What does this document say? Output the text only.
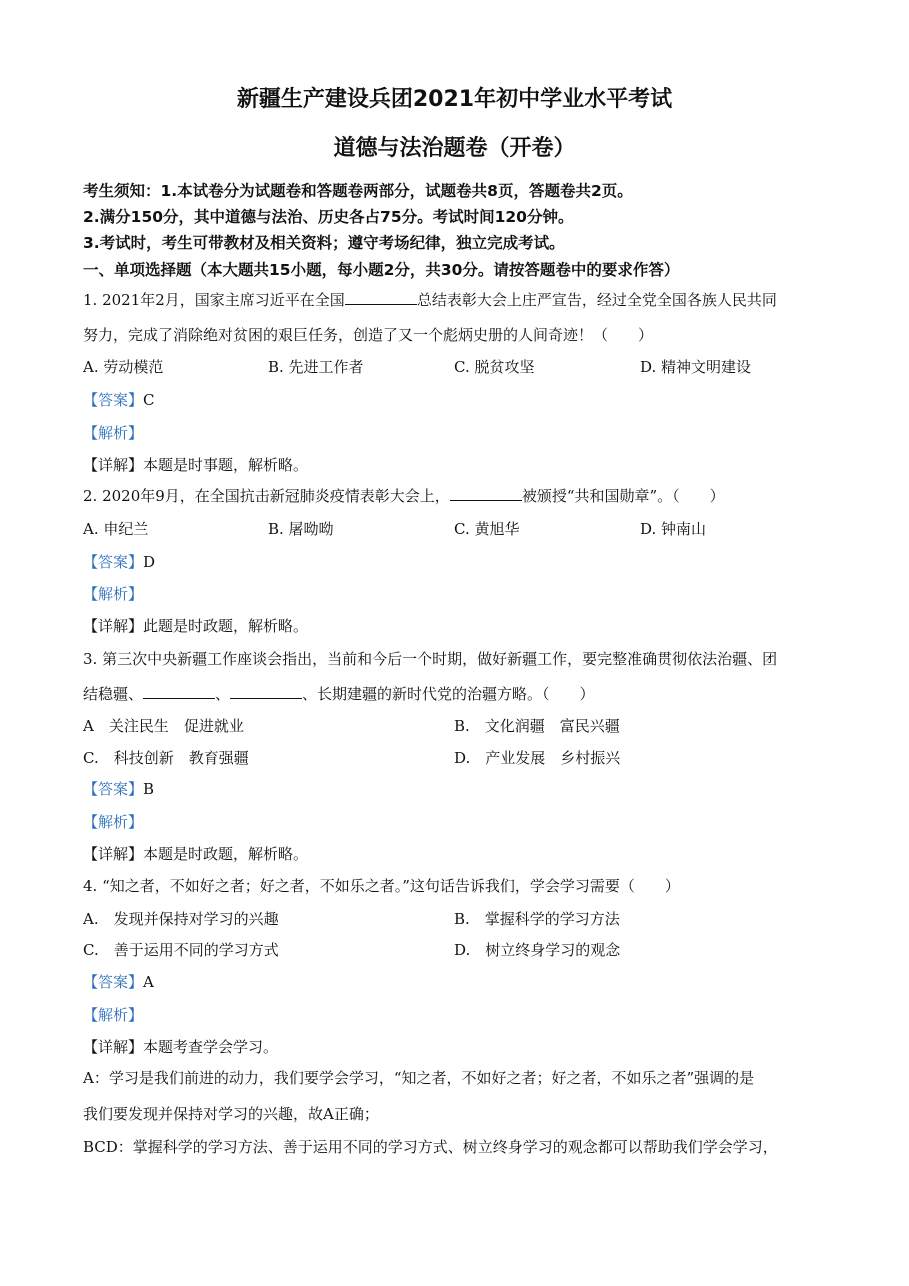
新疆生产建设兵团2021年初中学业水平考试
道德与法治题卷（开卷）
考生须知：1.本试卷分为试题卷和答题卷两部分，试题卷共8页，答题卷共2页。
2.满分150分，其中道德与法治、历史各占75分。考试时间120分钟。
3.考试时，考生可带教材及相关资料；遵守考场纪律，独立完成考试。
一、单项选择题（本大题共15小题，每小题2分，共30分。请按答题卷中的要求作答）
1. 2021年2月，国家主席习近平在全国	总结表彰大会上庄严宣告，经过全党全国各族人民共同
努力，完成了消除绝对贫困的艰巨任务，创造了又一个彪炳史册的人间奇迹！（　　）
A. 劳动模范	B. 先进工作者	C. 脱贫攻坚	D. 精神文明建设
【答案】C
【解析】
【详解】本题是时事题，解析略。
2. 2020年9月，在全国抗击新冠肺炎疫情表彰大会上，	被颁授“共和国勋章”。（　　）
A. 申纪兰	B. 屠呦呦	C. 黄旭华	D. 钟南山
【答案】D
【解析】
【详解】此题是时政题，解析略。
3. 第三次中央新疆工作座谈会指出，当前和今后一个时期，做好新疆工作，要完整准确贯彻依法治疆、团
结稳疆、	、	、长期建疆的新时代党的治疆方略。（　　）
A　关注民生　促进就业	B.　文化润疆　富民兴疆
C.　科技创新　教育强疆	D.　产业发展　乡村振兴
【答案】B
【解析】
【详解】本题是时政题，解析略。
4. “知之者，不如好之者；好之者，不如乐之者。”这句话告诉我们，学会学习需要（　　）
A.　发现并保持对学习的兴趣	B.　掌握科学的学习方法
C.　善于运用不同的学习方式	D.　树立终身学习的观念
【答案】A
【解析】
【详解】本题考查学会学习。
A：学习是我们前进的动力，我们要学会学习，“知之者，不如好之者；好之者，不如乐之者”强调的是
我们要发现并保持对学习的兴趣，故A正确；
BCD：掌握科学的学习方法、善于运用不同的学习方式、树立终身学习的观念都可以帮助我们学会学习，
